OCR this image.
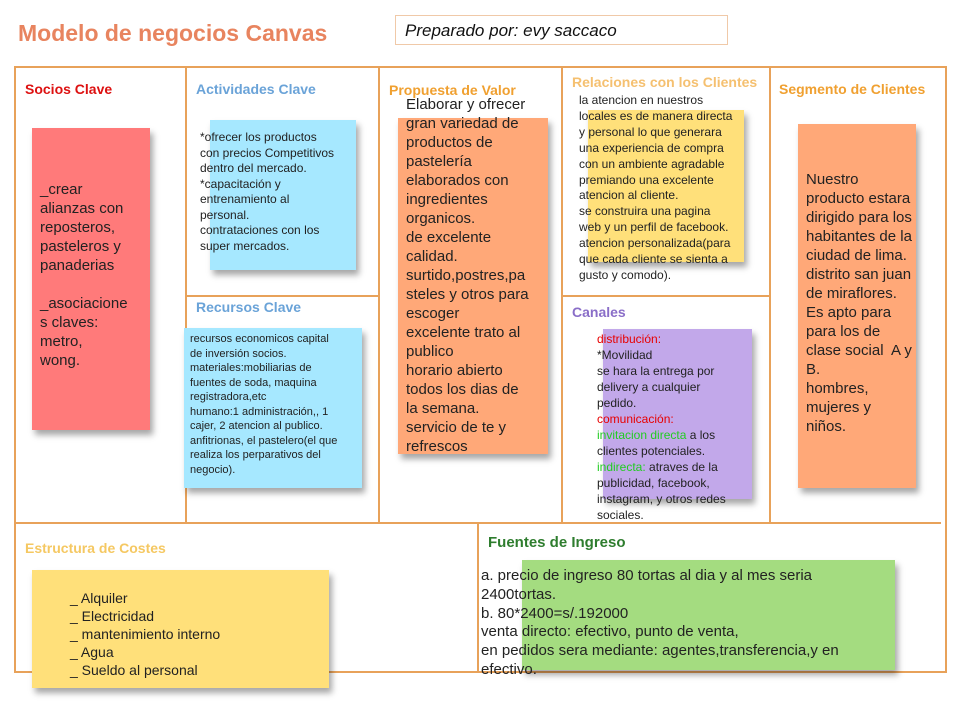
Modelo de negocios Canvas	Preparado por: evy saccaco
Socios Clave
_crear
alianzas con
reposteros,
pasteleros y
panaderias

_asociacione
s claves:
metro,
wong.
Actividades Clave
*ofrecer los productos
con precios Competitivos
dentro del mercado.
*capacitación y
entrenamiento al
personal.
contrataciones con los
super mercados.
Recursos Clave
recursos economicos capital
de inversión socios.
materiales:mobiliarias de
fuentes de soda, maquina
registradora,etc
humano:1 administración,, 1
cajer, 2 atencion al publico.
anfitrionas, el pastelero(el que
realiza los perparativos del
negocio).
Propuesta de Valor
Elaborar y ofrecer
gran variedad de
productos de
pastelería
elaborados con
ingredientes
organicos.
de excelente
calidad.
surtido,postres,pa
steles y otros para
escoger
excelente trato al
publico
horario abierto
todos los dias de
la semana.
servicio de te y
refrescos
Relaciones con los Clientes
la atencion en nuestros
locales es de manera directa
y personal lo que generara
una experiencia de compra
con un ambiente agradable
premiando una excelente
atencion al cliente.
se construira una pagina
web y un perfil de facebook.
atencion personalizada(para
que cada cliente se sienta a
gusto y comodo).
Canales
distribución:
*Movilidad
se hara la entrega por
delivery a cualquier
pedido.
comunicación:
invitacion directa a los
clientes potenciales.
indirecta: atraves de la
publicidad, facebook,
instagram, y otros redes
sociales.
Segmento de Clientes
Nuestro
producto estara
dirigido para los
habitantes de la
ciudad de lima.
distrito san juan
de miraflores.
Es apto para
para los de
clase social  A y
B.
hombres,
mujeres y
niños.
Estructura de Costes
_ Alquiler
_ Electricidad
_ mantenimiento interno
_ Agua
_ Sueldo al personal
Fuentes de Ingreso
a. precio de ingreso 80 tortas al dia y al mes seria
2400tortas.
b. 80*2400=s/.192000
venta directo: efectivo, punto de venta,
en pedidos sera mediante: agentes,transferencia,y en
efectivo.
